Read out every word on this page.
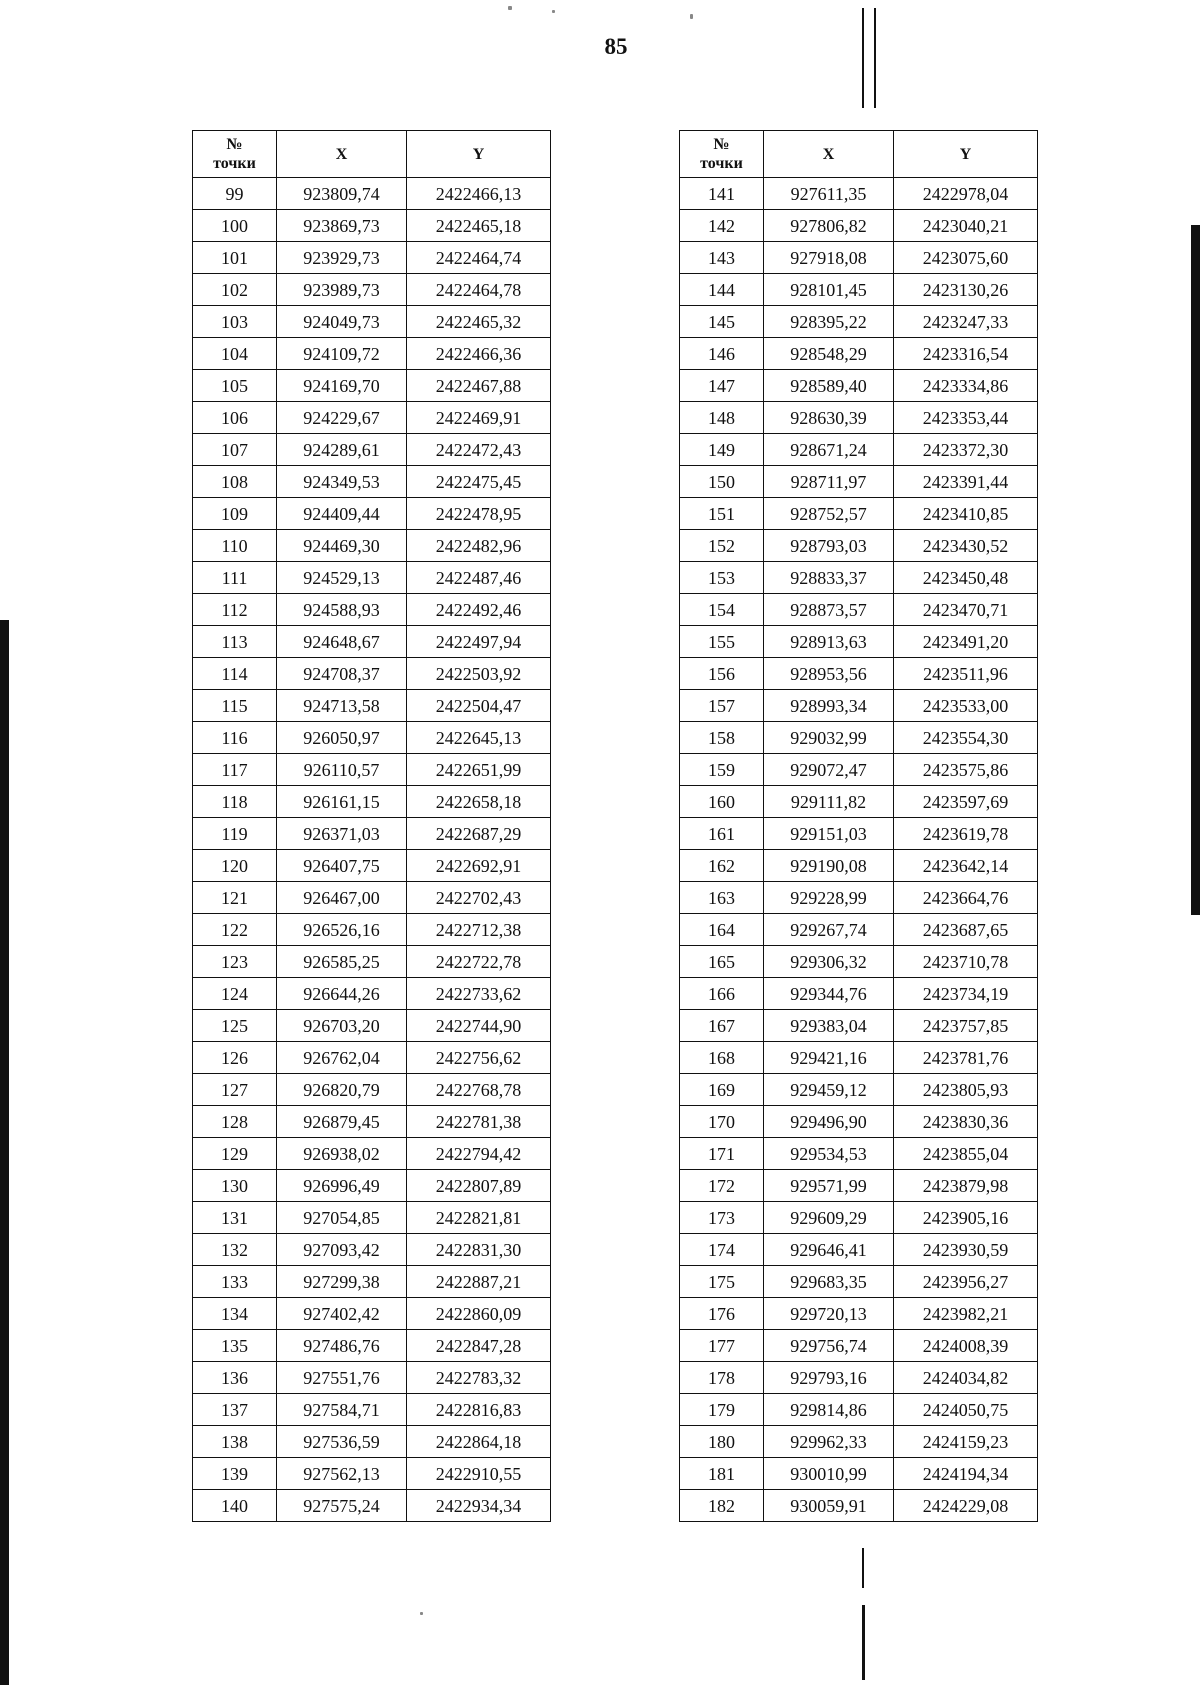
85
№
точки	X	Y
99	923809,74	2422466,13
100	923869,73	2422465,18
101	923929,73	2422464,74
102	923989,73	2422464,78
103	924049,73	2422465,32
104	924109,72	2422466,36
105	924169,70	2422467,88
106	924229,67	2422469,91
107	924289,61	2422472,43
108	924349,53	2422475,45
109	924409,44	2422478,95
110	924469,30	2422482,96
111	924529,13	2422487,46
112	924588,93	2422492,46
113	924648,67	2422497,94
114	924708,37	2422503,92
115	924713,58	2422504,47
116	926050,97	2422645,13
117	926110,57	2422651,99
118	926161,15	2422658,18
119	926371,03	2422687,29
120	926407,75	2422692,91
121	926467,00	2422702,43
122	926526,16	2422712,38
123	926585,25	2422722,78
124	926644,26	2422733,62
125	926703,20	2422744,90
126	926762,04	2422756,62
127	926820,79	2422768,78
128	926879,45	2422781,38
129	926938,02	2422794,42
130	926996,49	2422807,89
131	927054,85	2422821,81
132	927093,42	2422831,30
133	927299,38	2422887,21
134	927402,42	2422860,09
135	927486,76	2422847,28
136	927551,76	2422783,32
137	927584,71	2422816,83
138	927536,59	2422864,18
139	927562,13	2422910,55
140	927575,24	2422934,34
№
точки	X	Y
141	927611,35	2422978,04
142	927806,82	2423040,21
143	927918,08	2423075,60
144	928101,45	2423130,26
145	928395,22	2423247,33
146	928548,29	2423316,54
147	928589,40	2423334,86
148	928630,39	2423353,44
149	928671,24	2423372,30
150	928711,97	2423391,44
151	928752,57	2423410,85
152	928793,03	2423430,52
153	928833,37	2423450,48
154	928873,57	2423470,71
155	928913,63	2423491,20
156	928953,56	2423511,96
157	928993,34	2423533,00
158	929032,99	2423554,30
159	929072,47	2423575,86
160	929111,82	2423597,69
161	929151,03	2423619,78
162	929190,08	2423642,14
163	929228,99	2423664,76
164	929267,74	2423687,65
165	929306,32	2423710,78
166	929344,76	2423734,19
167	929383,04	2423757,85
168	929421,16	2423781,76
169	929459,12	2423805,93
170	929496,90	2423830,36
171	929534,53	2423855,04
172	929571,99	2423879,98
173	929609,29	2423905,16
174	929646,41	2423930,59
175	929683,35	2423956,27
176	929720,13	2423982,21
177	929756,74	2424008,39
178	929793,16	2424034,82
179	929814,86	2424050,75
180	929962,33	2424159,23
181	930010,99	2424194,34
182	930059,91	2424229,08
